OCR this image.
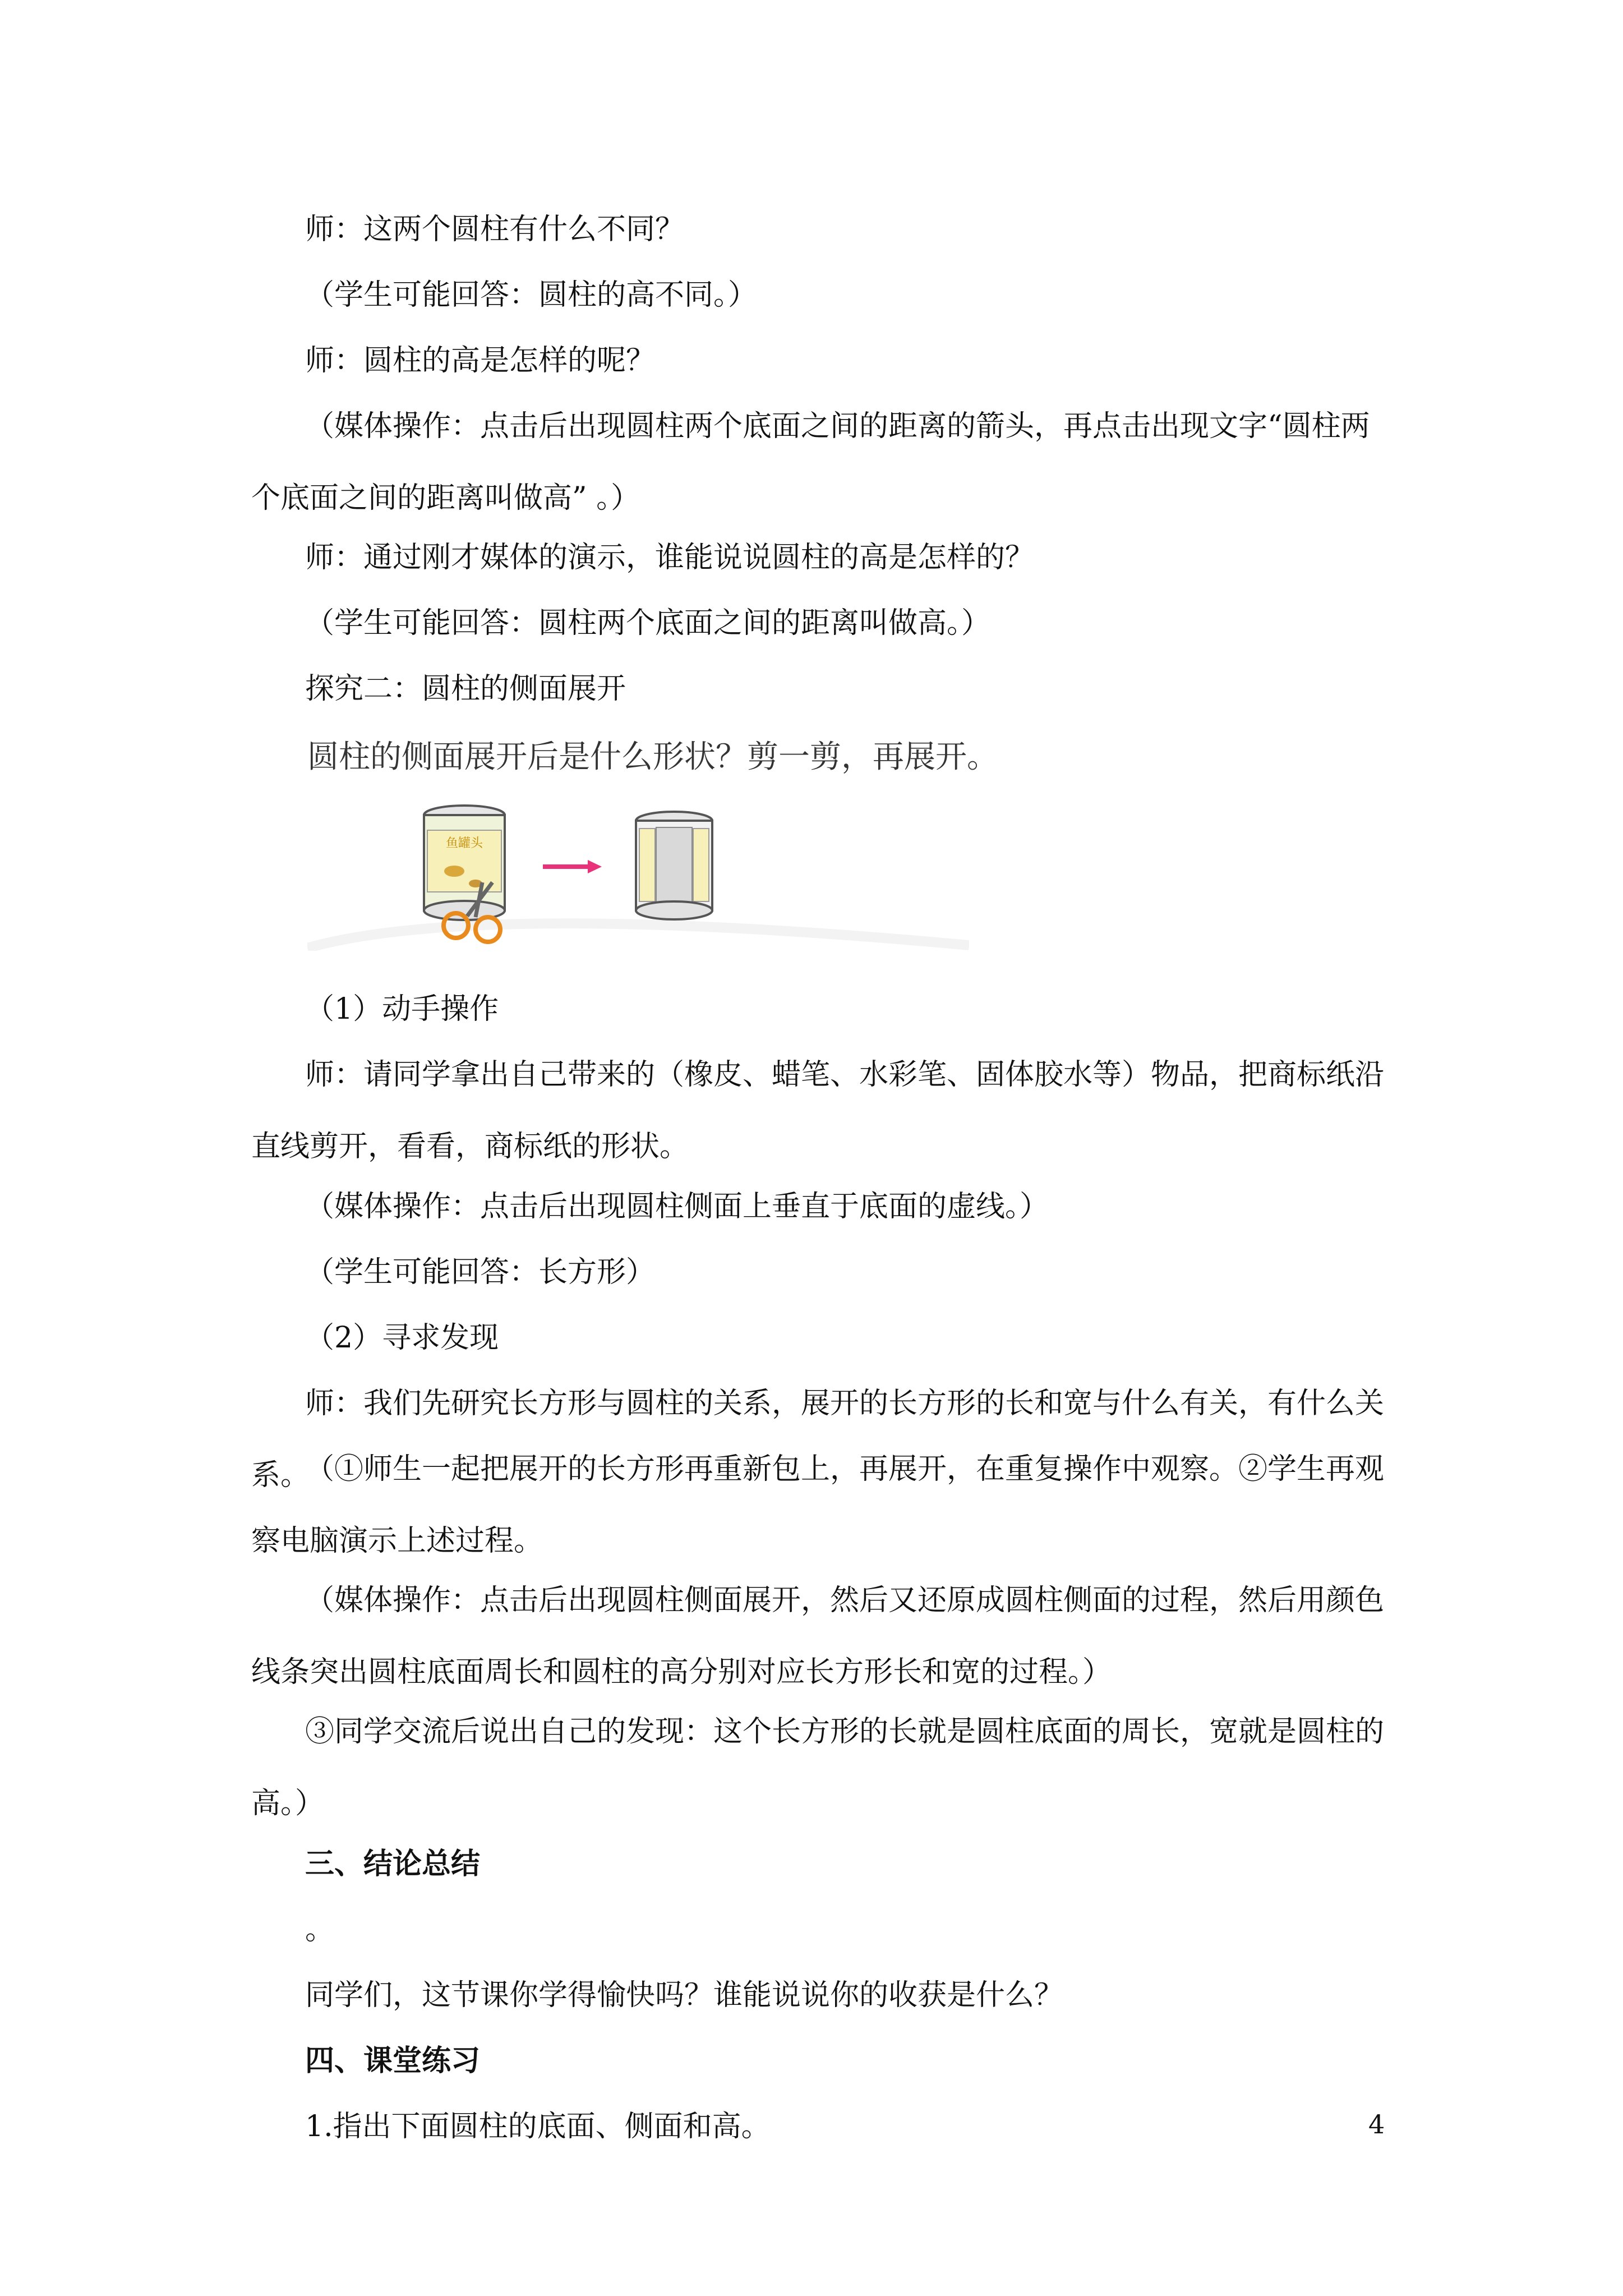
师：这两个圆柱有什么不同？

（学生可能回答：圆柱的高不同。）

师：圆柱的高是怎样的呢？

（媒体操作：点击后出现圆柱两个底面之间的距离的箭头，再点击出现文字“圆柱两个底面之间的距离叫做高” 。）

师：通过刚才媒体的演示，谁能说说圆柱的高是怎样的？

（学生可能回答：圆柱两个底面之间的距离叫做高。）

探究二：圆柱的侧面展开

圆柱的侧面展开后是什么形状？剪一剪，再展开。
鱼罐头

（1）动手操作

师：请同学拿出自己带来的（橡皮、蜡笔、水彩笔、固体胶水等）物品，把商标纸沿直线剪开，看看，商标纸的形状。

（媒体操作：点击后出现圆柱侧面上垂直于底面的虚线。）

（学生可能回答：长方形）

（2）寻求发现

师：我们先研究长方形与圆柱的关系，展开的长方形的长和宽与什么有关，有什么关系。

（①师生一起把展开的长方形再重新包上，再展开，在重复操作中观察。②学生再观察电脑演示上述过程。

（媒体操作：点击后出现圆柱侧面展开，然后又还原成圆柱侧面的过程，然后用颜色线条突出圆柱底面周长和圆柱的高分别对应长方形长和宽的过程。）

③同学交流后说出自己的发现：这个长方形的长就是圆柱底面的周长，宽就是圆柱的高。）

三、结论总结

。

同学们，这节课你学得愉快吗？谁能说说你的收获是什么？

四、课堂练习

1.指出下面圆柱的底面、侧面和高。	4
